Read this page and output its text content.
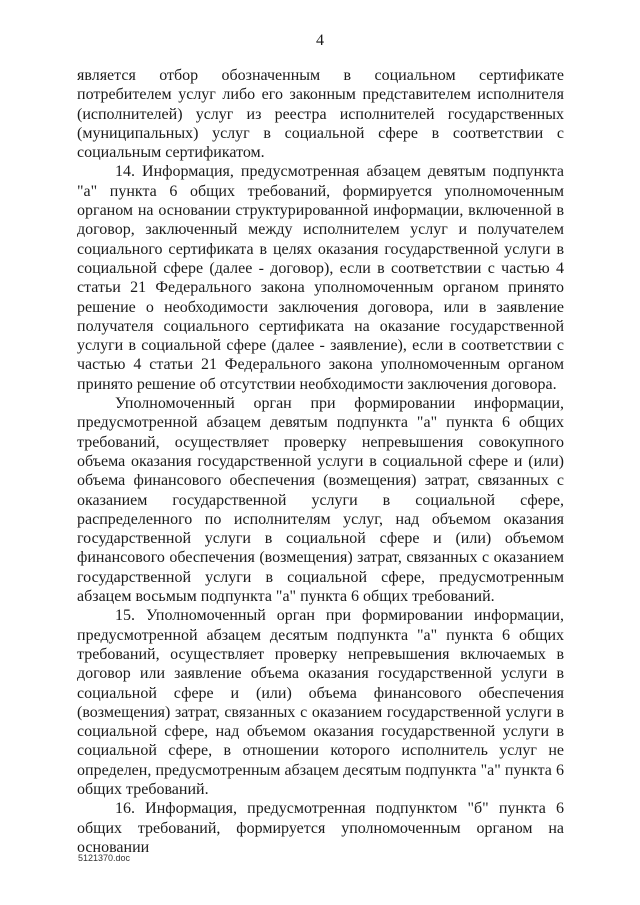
4

является отбор обозначенным в социальном сертификате потребителем услуг либо его законным представителем исполнителя (исполнителей) услуг из реестра исполнителей государственных (муниципальных) услуг в социальной сфере в соответствии с социальным сертификатом.

14. Информация, предусмотренная абзацем девятым подпункта "а" пункта 6 общих требований, формируется уполномоченным органом на основании структурированной информации, включенной в договор, заключенный между исполнителем услуг и получателем социального сертификата в целях оказания государственной услуги в социальной сфере (далее - договор), если в соответствии с частью 4 статьи 21 Федерального закона уполномоченным органом принято решение о необходимости заключения договора, или в заявление получателя социального сертификата на оказание государственной услуги в социальной сфере (далее - заявление), если в соответствии с частью 4 статьи 21 Федерального закона уполномоченным органом принято решение об отсутствии необходимости заключения договора.

Уполномоченный орган при формировании информации, предусмотренной абзацем девятым подпункта "а" пункта 6 общих требований, осуществляет проверку непревышения совокупного объема оказания государственной услуги в социальной сфере и (или) объема финансового обеспечения (возмещения) затрат, связанных с оказанием государственной услуги в социальной сфере, распределенного по исполнителям услуг, над объемом оказания государственной услуги в социальной сфере и (или) объемом финансового обеспечения (возмещения) затрат, связанных с оказанием государственной услуги в социальной сфере, предусмотренным абзацем восьмым подпункта "а" пункта 6 общих требований.

15. Уполномоченный орган при формировании информации, предусмотренной абзацем десятым подпункта "а" пункта 6 общих требований, осуществляет проверку непревышения включаемых в договор или заявление объема оказания государственной услуги в социальной сфере и (или) объема финансового обеспечения (возмещения) затрат, связанных с оказанием государственной услуги в социальной сфере, над объемом оказания государственной услуги в социальной сфере, в отношении которого исполнитель услуг не определен, предусмотренным абзацем десятым подпункта "а" пункта 6 общих требований.

16. Информация, предусмотренная подпунктом "б" пункта 6 общих требований, формируется уполномоченным органом на основании

5121370.doc
